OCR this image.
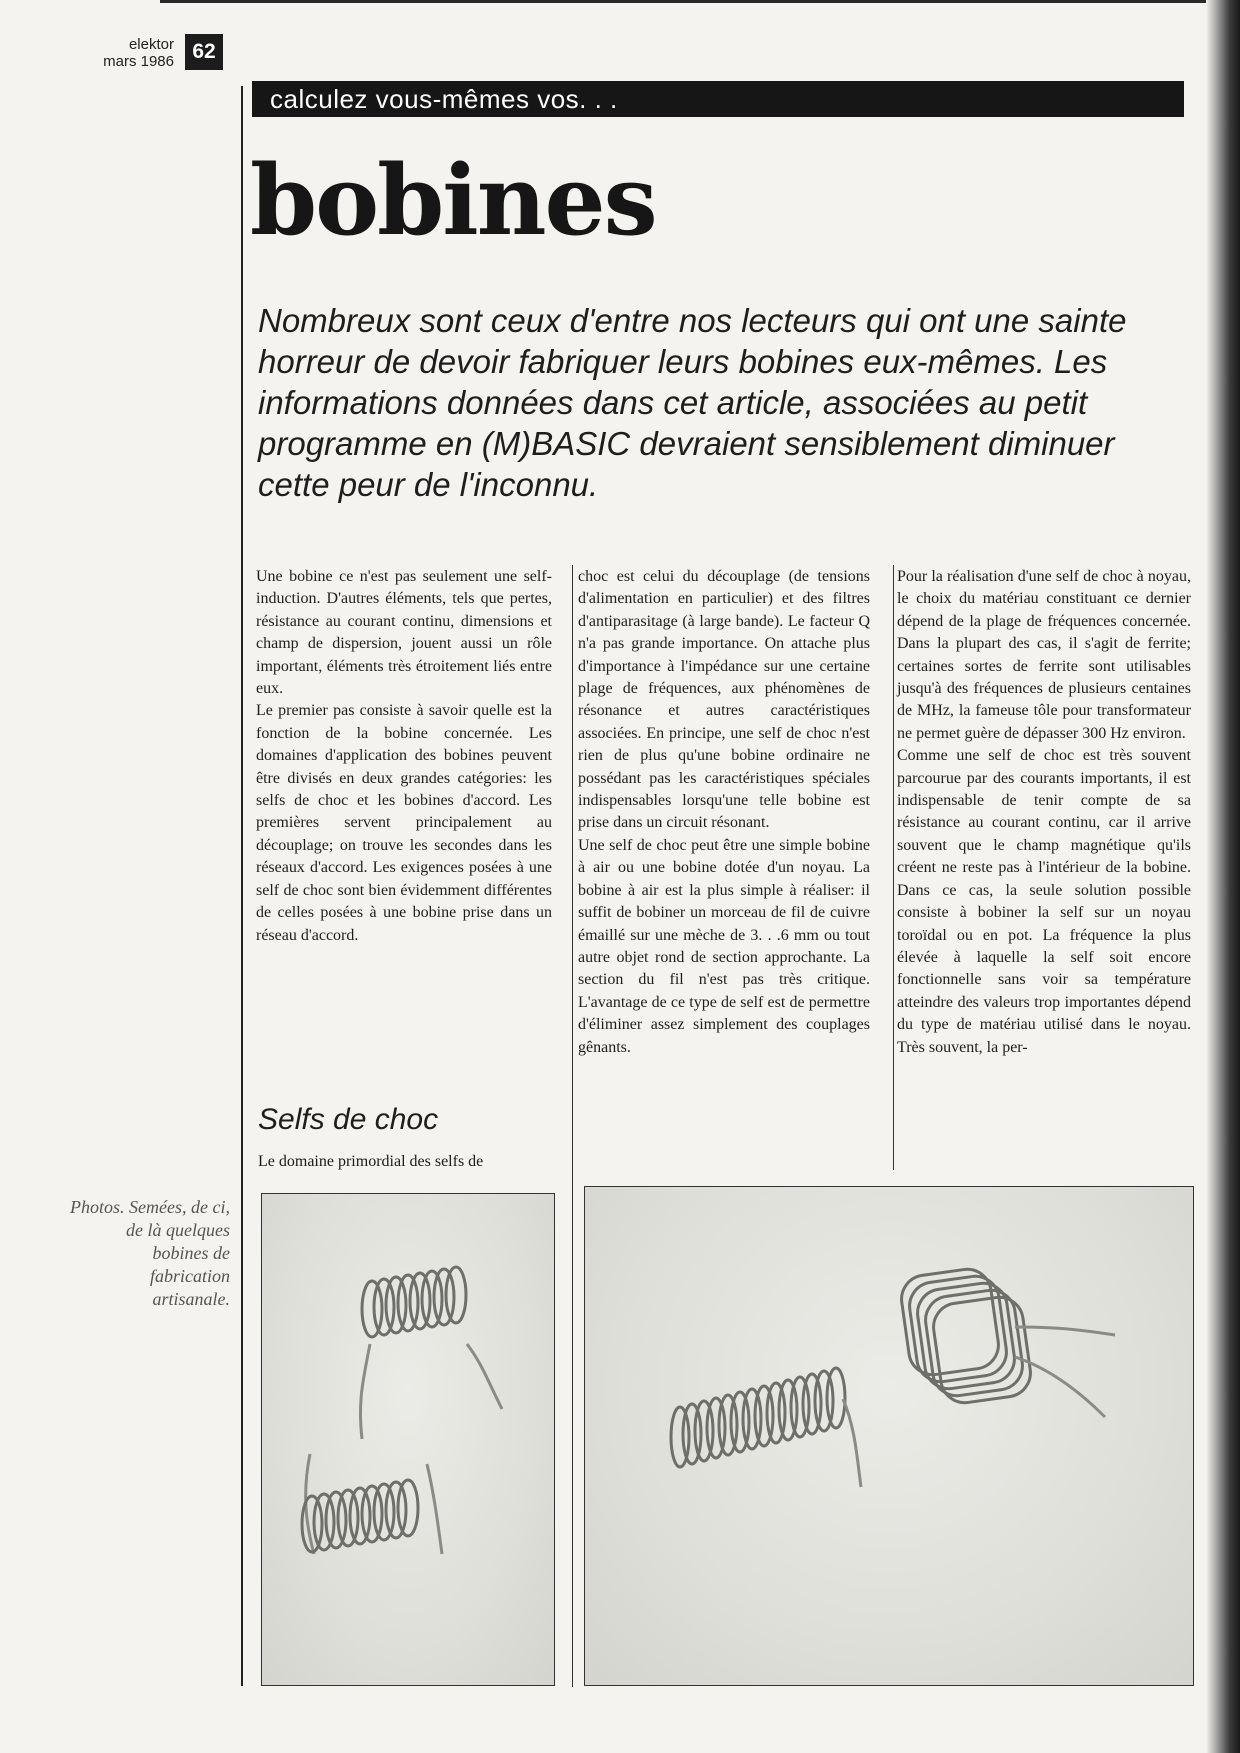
elektor
mars 1986 62
calculez vous-mêmes vos. . .
bobines

Nombreux sont ceux d'entre nos lecteurs qui ont une sainte horreur de devoir fabriquer leurs bobines eux-mêmes. Les informations données dans cet article, associées au petit programme en (M)BASIC devraient sensiblement diminuer cette peur de l'inconnu.

Une bobine ce n'est pas seulement une self-induction. D'autres éléments, tels que pertes, résistance au courant continu, dimensions et champ de dispersion, jouent aussi un rôle important, éléments très étroitement liés entre eux.

Le premier pas consiste à savoir quelle est la fonction de la bobine concernée. Les domaines d'application des bobines peuvent être divisés en deux grandes catégories: les selfs de choc et les bobines d'accord. Les premières servent principalement au découplage; on trouve les secondes dans les réseaux d'accord. Les exigences posées à une self de choc sont bien évidemment différentes de celles posées à une bobine prise dans un réseau d'accord.

Selfs de choc
Le domaine primordial des selfs de

choc est celui du découplage (de tensions d'alimentation en particulier) et des filtres d'antiparasitage (à large bande). Le facteur Q n'a pas grande importance. On attache plus d'importance à l'impédance sur une certaine plage de fréquences, aux phénomènes de résonance et autres caractéristiques associées. En principe, une self de choc n'est rien de plus qu'une bobine ordinaire ne possédant pas les caractéristiques spéciales indispensables lorsqu'une telle bobine est prise dans un circuit résonant.

Une self de choc peut être une simple bobine à air ou une bobine dotée d'un noyau. La bobine à air est la plus simple à réaliser: il suffit de bobiner un morceau de fil de cuivre émaillé sur une mèche de 3. . .6 mm ou tout autre objet rond de section approchante. La section du fil n'est pas très critique. L'avantage de ce type de self est de permettre d'éliminer assez simplement des couplages gênants.

Pour la réalisation d'une self de choc à noyau, le choix du matériau constituant ce dernier dépend de la plage de fréquences concernée. Dans la plupart des cas, il s'agit de ferrite; certaines sortes de ferrite sont utilisables jusqu'à des fréquences de plusieurs centaines de MHz, la fameuse tôle pour transformateur ne permet guère de dépasser 300 Hz environ.

Comme une self de choc est très souvent parcourue par des courants importants, il est indispensable de tenir compte de sa résistance au courant continu, car il arrive souvent que le champ magnétique qu'ils créent ne reste pas à l'intérieur de la bobine. Dans ce cas, la seule solution possible consiste à bobiner la self sur un noyau toroïdal ou en pot. La fréquence la plus élevée à laquelle la self soit encore fonctionnelle sans voir sa température atteindre des valeurs trop importantes dépend du type de matériau utilisé dans le noyau. Très souvent, la per-

Photos. Semées, de ci, de là quelques bobines de fabrication artisanale.
